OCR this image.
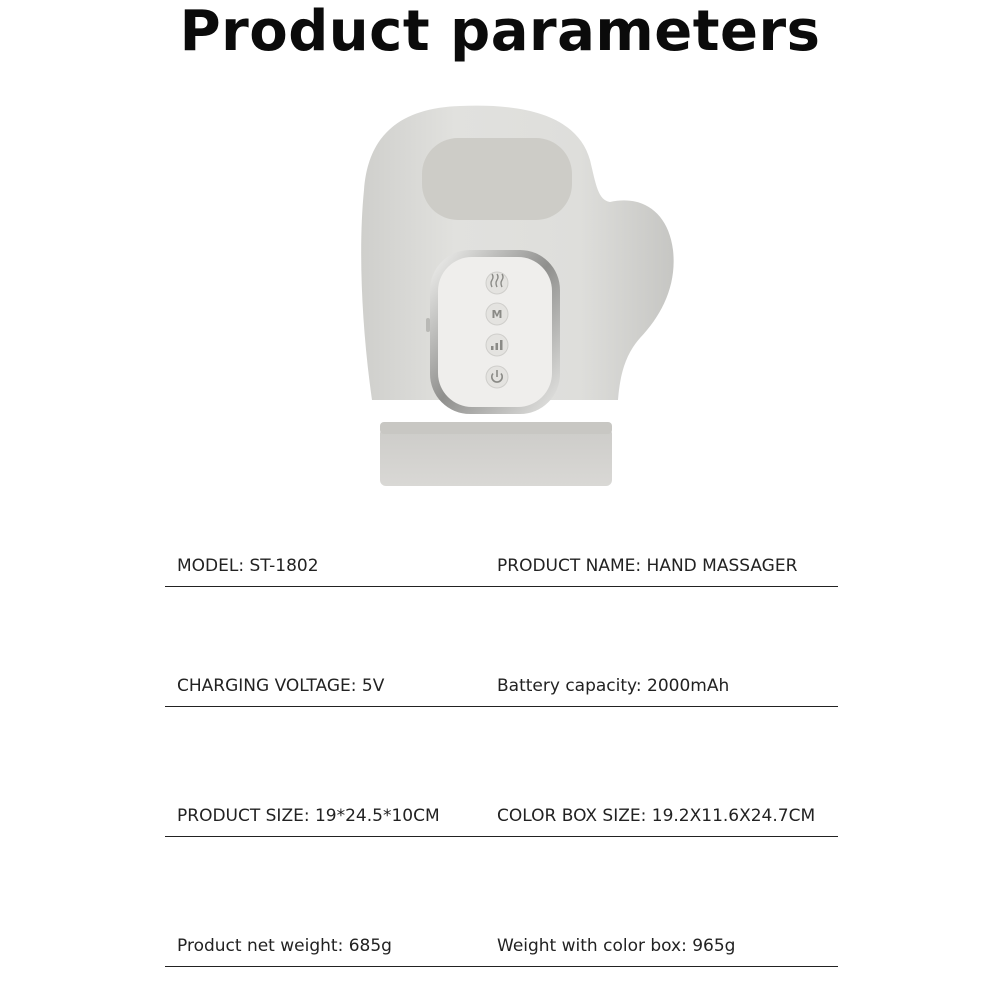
Product parameters
M
MODEL: ST-1802	PRODUCT NAME: HAND MASSAGER
CHARGING VOLTAGE: 5V	Battery capacity: 2000mAh
PRODUCT SIZE: 19*24.5*10CM	COLOR BOX SIZE: 19.2X11.6X24.7CM
Product net weight: 685g	Weight with color box: 965g
